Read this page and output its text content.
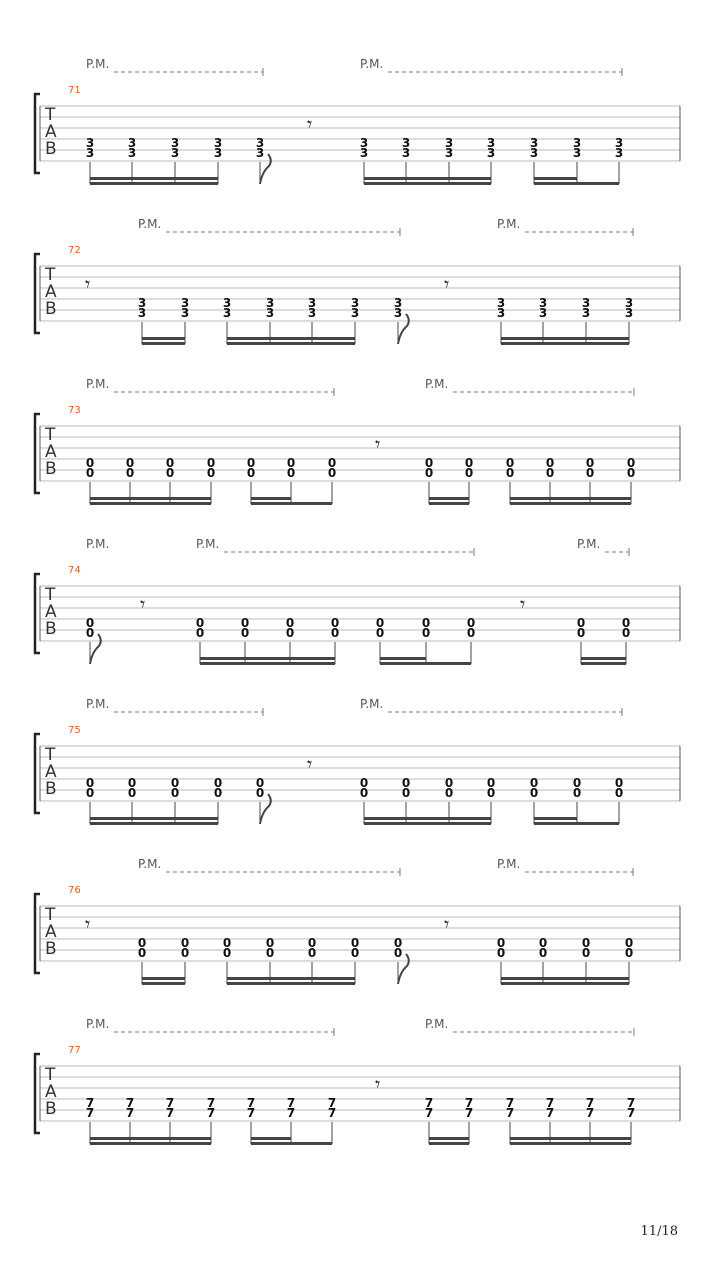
P.M.	P.M.
71
T
A
B
𝄾
3
3
3
3
3
3
3
3
3
3
3
3
3
3
3
3
3
3
3
3
3
3
3
3
P.M.	P.M.
72
T
A
B
𝄾	𝄾
3
3
3
3
3
3
3
3
3
3
3
3
3
3
3
3
3
3
3
3
3
3
P.M.	P.M.
73
T
A
B
𝄾
0
0
0
0
0
0
0
0
0
0
0
0
0
0
0
0
0
0
0
0
0
0
0
0
0
0
P.M.	P.M.	P.M.
74
T
A
B
𝄾	𝄾
0
0
0
0
0
0
0
0
0
0
0
0
0
0
0
0
0
0
0
0
P.M.	P.M.
75
T
A
B
𝄾
0
0
0
0
0
0
0
0
0
0
0
0
0
0
0
0
0
0
0
0
0
0
0
0
P.M.	P.M.
76
T
A
B
𝄾	𝄾
0
0
0
0
0
0
0
0
0
0
0
0
0
0
0
0
0
0
0
0
0
0
P.M.	P.M.
77
T
A
B
𝄾
7
7
7
7
7
7
7
7
7
7
7
7
7
7
7
7
7
7
7
7
7
7
7
7
7
7
11/18
